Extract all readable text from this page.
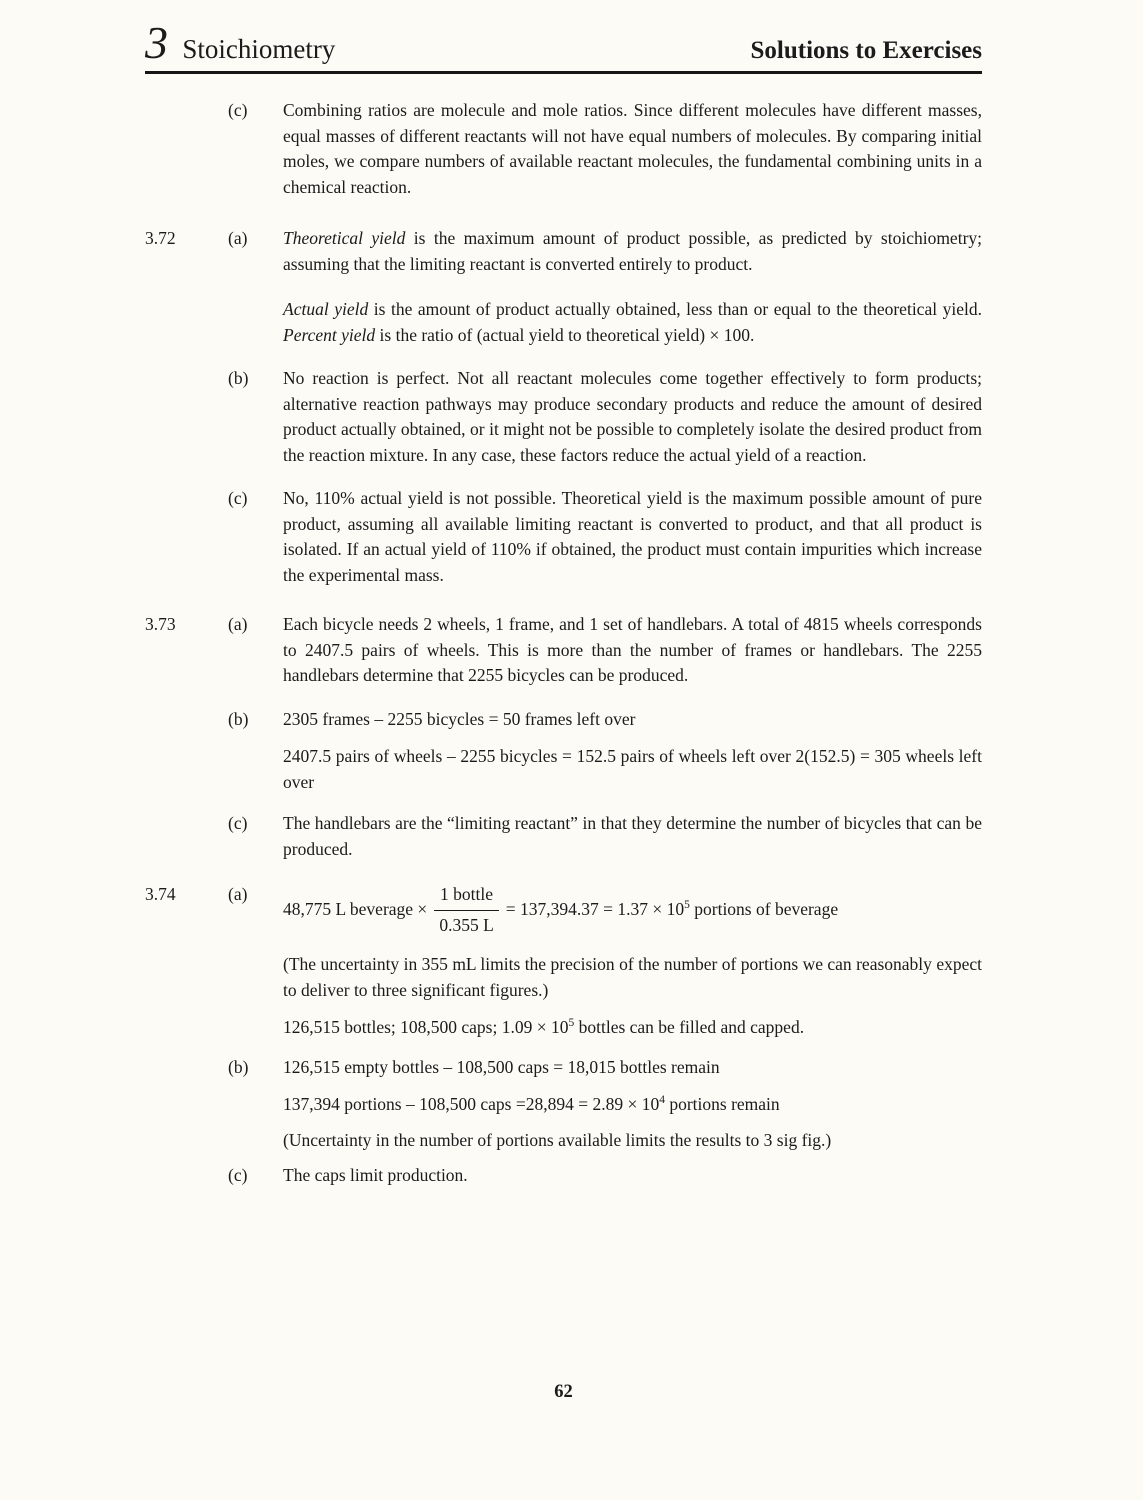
3 Stoichiometry	Solutions to Exercises
(c)	Combining ratios are molecule and mole ratios. Since different molecules have different masses, equal masses of different reactants will not have equal numbers of molecules. By comparing initial moles, we compare numbers of available reactant molecules, the fundamental combining units in a chemical reaction.
3.72	(a)	Theoretical yield is the maximum amount of product possible, as predicted by stoichiometry; assuming that the limiting reactant is converted entirely to product.
Actual yield is the amount of product actually obtained, less than or equal to the theoretical yield. Percent yield is the ratio of (actual yield to theoretical yield) × 100.
(b)	No reaction is perfect. Not all reactant molecules come together effectively to form products; alternative reaction pathways may produce secondary products and reduce the amount of desired product actually obtained, or it might not be possible to completely isolate the desired product from the reaction mixture. In any case, these factors reduce the actual yield of a reaction.
(c)	No, 110% actual yield is not possible. Theoretical yield is the maximum possible amount of pure product, assuming all available limiting reactant is converted to product, and that all product is isolated. If an actual yield of 110% if obtained, the product must contain impurities which increase the experimental mass.
3.73	(a)	Each bicycle needs 2 wheels, 1 frame, and 1 set of handlebars. A total of 4815 wheels corresponds to 2407.5 pairs of wheels. This is more than the number of frames or handlebars. The 2255 handlebars determine that 2255 bicycles can be produced.
(b)	2305 frames – 2255 bicycles = 50 frames left over
2407.5 pairs of wheels – 2255 bicycles = 152.5 pairs of wheels left over 2(152.5) = 305 wheels left over
(c)	The handlebars are the “limiting reactant” in that they determine the number of bicycles that can be produced.
3.74	(a)
48,775 L beverage × $\frac{\text{1 bottle}}{0.355 L} = 137,394.37 = 1.37 \times 10^5$ portions of beverage
(The uncertainty in 355 mL limits the precision of the number of portions we can reasonably expect to deliver to three significant figures.)
126,515 bottles; 108,500 caps; $1.09 \times 10^5$ bottles can be filled and capped.
(b)	126,515 empty bottles – 108,500 caps = 18,015 bottles remain
137,394 portions – 108,500 caps $=28,894 = 2.89 \times 10^4$ portions remain
(Uncertainty in the number of portions available limits the results to 3 sig fig.)
(c)	The caps limit production.
62
